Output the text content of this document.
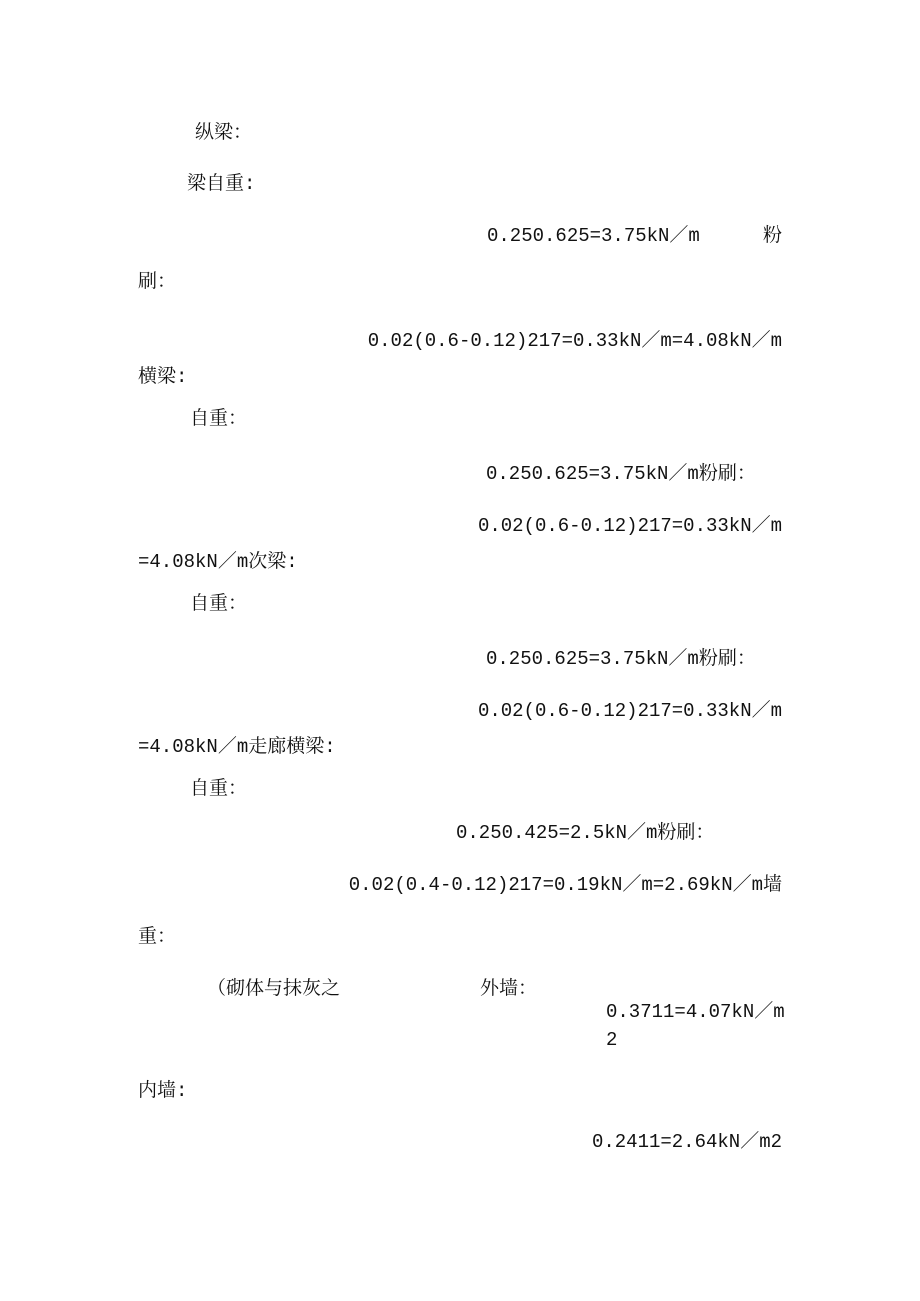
纵梁：
梁自重:
0.250.625=3.75kN／m	粉
刷：
0.02(0.6-0.12)217=0.33kN／m=4.08kN／m
横梁:
自重：
0.250.625=3.75kN／m粉刷：
0.02(0.6-0.12)217=0.33kN／m
=4.08kN／m次梁:
自重：
0.250.625=3.75kN／m粉刷：
0.02(0.6-0.12)217=0.33kN／m
=4.08kN／m走廊横梁:
自重：
0.250.425=2.5kN／m粉刷：
0.02(0.4-0.12)217=0.19kN／m=2.69kN／m墙
重：
（砌体与抹灰之	外墙：
0.3711=4.07kN／m
2
内墙:
0.2411=2.64kN／m2
